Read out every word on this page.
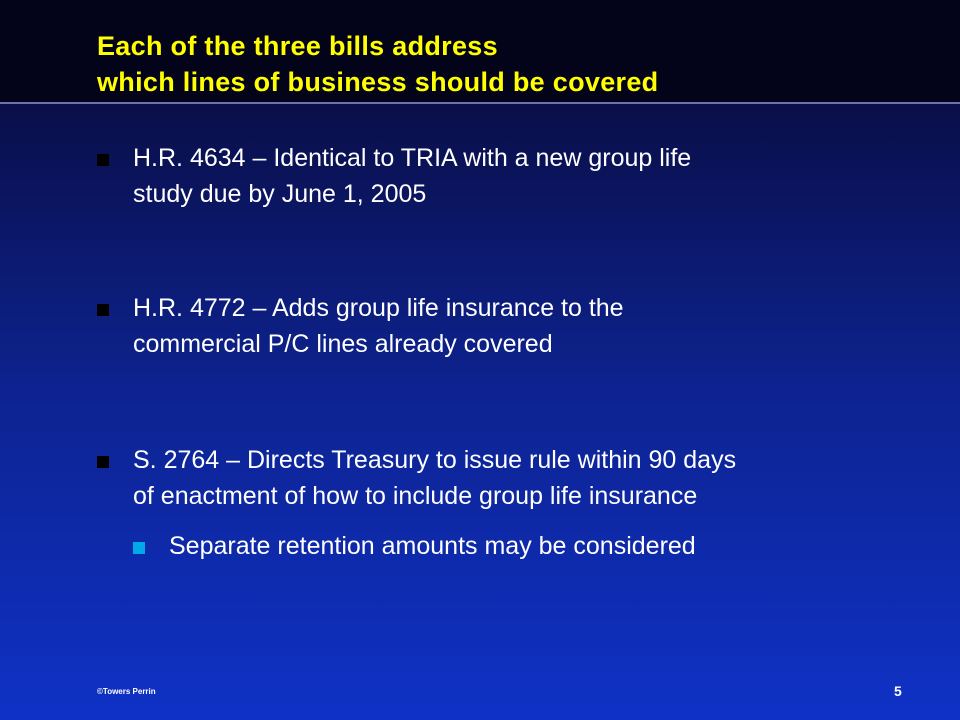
Each of the three bills address
which lines of business should be covered
H.R. 4634 – Identical to TRIA with a new group life
study due by June 1, 2005
H.R. 4772 – Adds group life insurance to the
commercial P/C lines already covered
S. 2764 – Directs Treasury to issue rule within 90 days
of enactment of how to include group life insurance
Separate retention amounts may be considered
©Towers Perrin	5
